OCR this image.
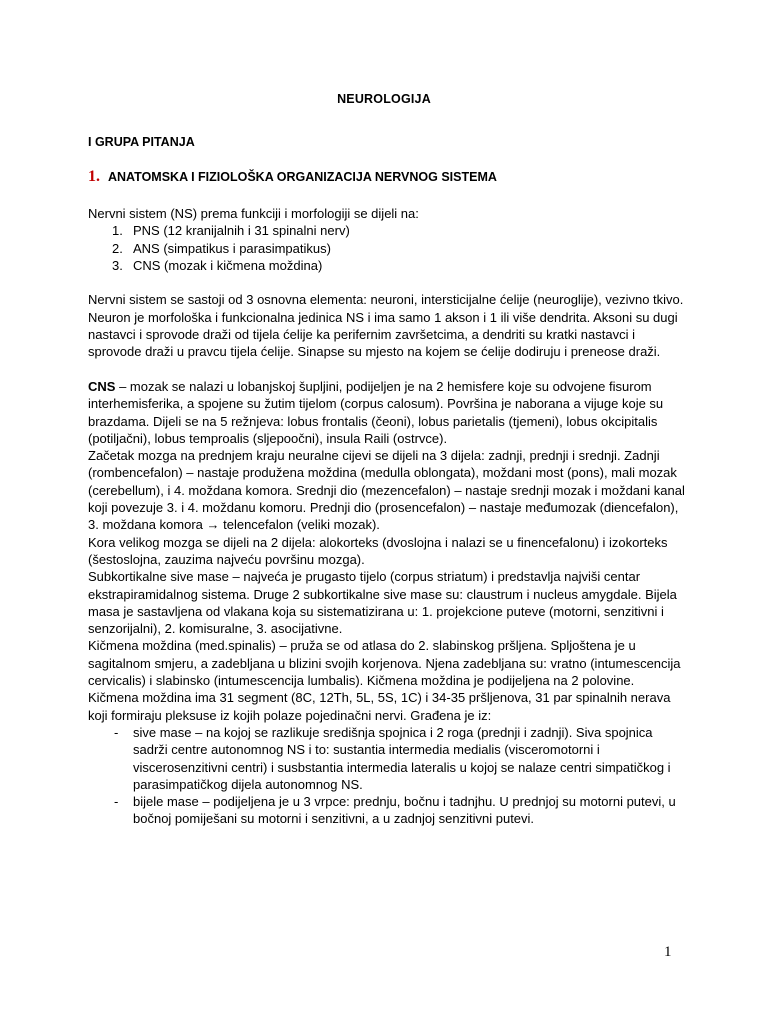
NEUROLOGIJA
I GRUPA PITANJA
1. ANATOMSKA I FIZIOLOŠKA ORGANIZACIJA NERVNOG SISTEMA

Nervni sistem (NS) prema funkciji i morfologiji se dijeli na:

1. PNS (12 kranijalnih i 31 spinalni nerv)
2. ANS (simpatikus i parasimpatikus)
3. CNS (mozak i kičmena moždina)

Nervni sistem se sastoji od 3 osnovna elementa: neuroni, intersticijalne ćelije (neuroglije), vezivno tkivo. Neuron je morfološka i funkcionalna jedinica NS i ima samo 1 akson i 1 ili više dendrita. Aksoni su dugi nastavci i sprovode draži od tijela ćelije ka perifernim završetcima, a dendriti su kratki nastavci i sprovode draži u pravcu tijela ćelije. Sinapse su mjesto na kojem se ćelije dodiruju i preneose draži.

CNS – mozak se nalazi u lobanjskoj šupljini, podijeljen je na 2 hemisfere koje su odvojene fisurom interhemisferika, a spojene su žutim tijelom (corpus calosum). Površina je naborana a vijuge koje su brazdama. Dijeli se na 5 režnjeva: lobus frontalis (čeoni), lobus parietalis (tjemeni), lobus okcipitalis (potiljačni), lobus temproalis (sljepoočni), insula Raili (ostrvce).

Začetak mozga na prednjem kraju neuralne cijevi se dijeli na 3 dijela: zadnji, prednji i srednji. Zadnji (rombencefalon) – nastaje produžena moždina (medulla oblongata), moždani most (pons), mali mozak (cerebellum), i 4. moždana komora. Srednji dio (mezencefalon) – nastaje srednji mozak i moždani kanal koji povezuje 3. i 4. moždanu komoru. Prednji dio (prosencefalon) – nastaje međumozak (diencefalon), 3. moždana komora → telencefalon (veliki mozak).

Kora velikog mozga se dijeli na 2 dijela: alokorteks (dvoslojna i nalazi se u finencefalonu) i izokorteks (šestoslojna, zauzima najveću površinu mozga).

Subkortikalne sive mase – najveća je prugasto tijelo (corpus striatum) i predstavlja najviši centar ekstrapiramidalnog sistema. Druge 2 subkortikalne sive mase su: claustrum i nucleus amygdale. Bijela masa je sastavljena od vlakana koja su sistematizirana u: 1. projekcione puteve (motorni, senzitivni i senzorijalni), 2. komisuralne, 3. asocijativne.

Kičmena moždina (med.spinalis) – pruža se od atlasa do 2. slabinskog pršljena. Spljoštena je u sagitalnom smjeru, a zadebljana u blizini svojih korjenova. Njena zadebljana su: vratno (intumescencija cervicalis) i slabinsko (intumescencija lumbalis). Kičmena moždina je podijeljena na 2 polovine. Kičmena moždina ima 31 segment (8C, 12Th, 5L, 5S, 1C) i 34-35 pršljenova, 31 par spinalnih nerava koji formiraju pleksuse iz kojih polaze pojedinačni nervi. Građena je iz:

-	sive mase – na kojoj se razlikuje središnja spojnica i 2 roga (prednji i zadnji). Siva spojnica sadrži centre autonomnog NS i to: sustantia intermedia medialis (visceromotorni i viscerosenzitivni centri) i susbstantia intermedia lateralis u kojoj se nalaze centri simpatičkog i parasimpatičkog dijela autonomnog NS.
-	bijele mase – podijeljena je u 3 vrpce: prednju, bočnu i tadnjhu. U prednjoj su motorni putevi, u bočnoj pomiješani su motorni i senzitivni, a u zadnjoj senzitivni putevi.
1
